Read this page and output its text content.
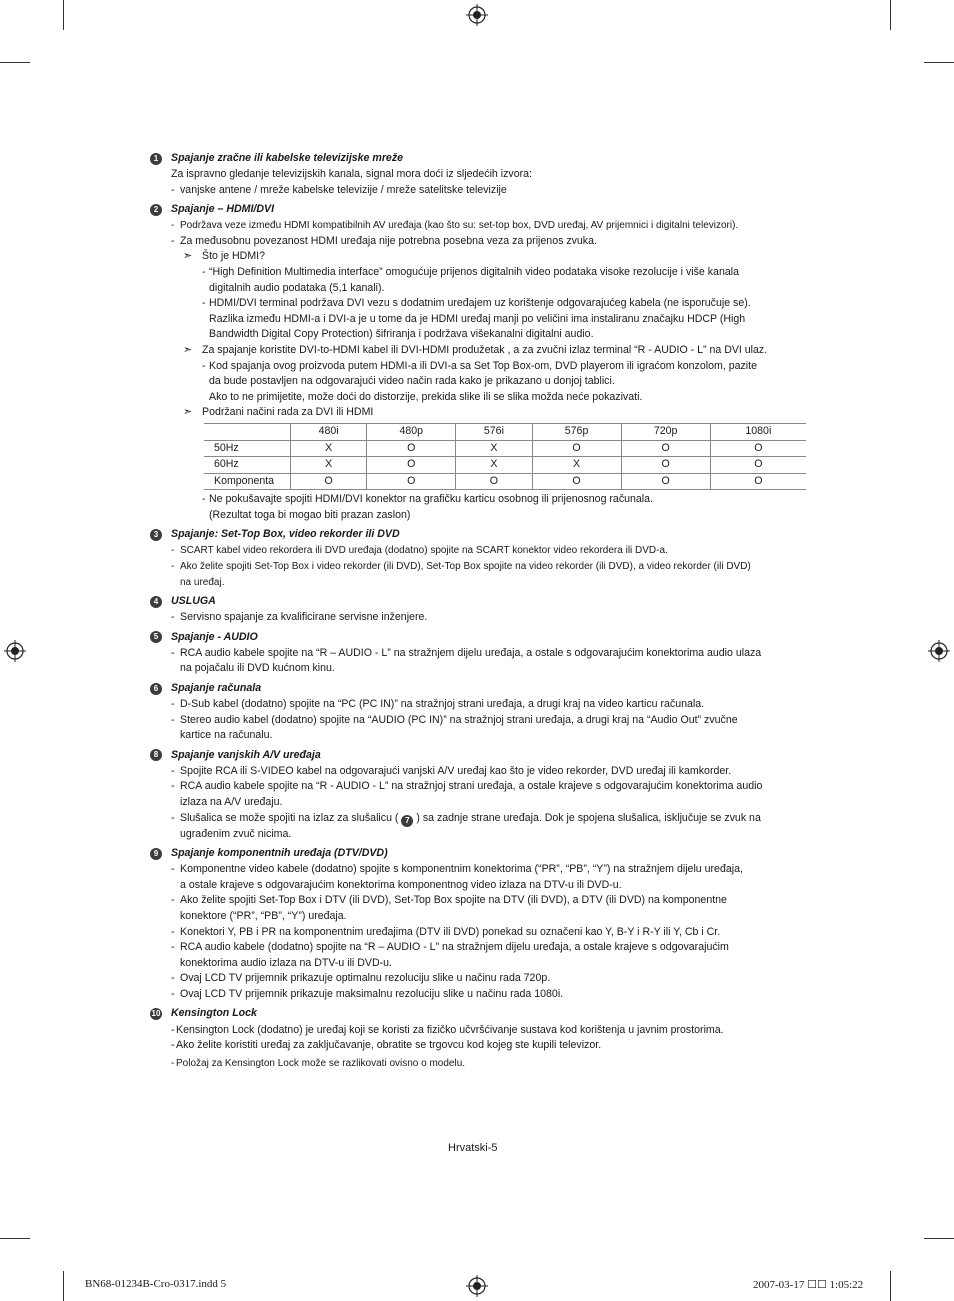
1	Spajanje zračne ili kabelske televizijske mreže
Za ispravno gledanje televizijskih kanala, signal mora doći iz sljedećih izvora:
- vanjske antene / mreže kabelske televizije / mreže satelitske televizije
2	Spajanje – HDMI/DVI
- Podržava veze između HDMI kompatibilnih AV uređaja (kao što su: set-top box, DVD uređaj, AV prijemnici i digitalni televizori).
- Za međusobnu povezanost HDMI uređaja nije potrebna posebna veza za prijenos zvuka.
➣ Što je HDMI?
- “High Definition Multimedia interface” omogućuje prijenos digitalnih video podataka visoke rezolucije i više kanala
digitalnih audio podataka (5,1 kanali).
- HDMI/DVI terminal podržava DVI vezu s dodatnim uređajem uz korištenje odgovarajućeg kabela (ne isporučuje se).
Razlika između HDMI-a i DVI-a je u tome da je HDMI uređaj manji po veličini ima instaliranu značajku HDCP (High
Bandwidth Digital Copy Protection) šifriranja i podržava višekanalni digitalni audio.
➣ Za spajanje koristite DVI-to-HDMI kabel ili DVI-HDMI produžetak , a za zvučni izlaz terminal “R - AUDIO - L” na DVI ulaz.
- Kod spajanja ovog proizvoda putem HDMI-a ili DVI-a sa Set Top Box-om, DVD playerom ili igraćom konzolom, pazite
da bude postavljen na odgovarajući video način rada kako je prikazano u donjoj tablici.
Ako to ne primijetite, može doći do distorzije, prekida slike ili se slika možda neće pokazivati.
➣ Podržani načini rada za DVI ili HDMI
	480i	480p	576i	576p	720p	1080i
50Hz	X	O	X	O	O	O
60Hz	X	O	X	X	O	O
Komponenta	O	O	O	O	O	O
- Ne pokušavajte spojiti HDMI/DVI konektor na grafičku karticu osobnog ili prijenosnog računala.
(Rezultat toga bi mogao biti prazan zaslon)
3	Spajanje: Set-Top Box, video rekorder ili DVD
- SCART kabel video rekordera ili DVD uređaja (dodatno) spojite na SCART konektor video rekordera ili DVD-a.
- Ako želite spojiti Set-Top Box i video rekorder (ili DVD), Set-Top Box spojite na video rekorder (ili DVD), a video rekorder (ili DVD)
na uređaj.
4	USLUGA
- Servisno spajanje za kvalificirane servisne inženjere.
5	Spajanje - AUDIO
- RCA audio kabele spojite na “R – AUDIO - L” na stražnjem dijelu uređaja, a ostale s odgovarajućim konektorima audio ulaza
na pojačalu ili DVD kućnom kinu.
6	Spajanje računala
- D-Sub kabel (dodatno) spojite na “PC (PC IN)” na stražnjoj strani uređaja, a drugi kraj na video karticu računala.
- Stereo audio kabel (dodatno) spojite na “AUDIO (PC IN)” na stražnjoj strani uređaja, a drugi kraj na “Audio Out” zvučne
kartice na računalu.
8	Spajanje vanjskih A/V uređaja
- Spojite RCA ili S-VIDEO kabel na odgovarajući vanjski A/V uređaj kao što je video rekorder, DVD uređaj ili kamkorder.
- RCA audio kabele spojite na “R - AUDIO - L” na stražnjoj strani uređaja, a ostale krajeve s odgovarajućim konektorima audio
izlaza na A/V uređaju.
- Slušalica se može spojiti na izlaz za slušalicu ( 7 ) sa zadnje strane uređaja. Dok je spojena slušalica, isključuje se zvuk na
ugrađenim zvuč nicima.
9	Spajanje komponentnih uređaja (DTV/DVD)
- Komponentne video kabele (dodatno) spojite s komponentnim konektorima (“PR”, “PB”, “Y”) na stražnjem dijelu uređaja,
a ostale krajeve s odgovarajućim konektorima komponentnog video izlaza na DTV-u ili DVD-u.
- Ako želite spojiti Set-Top Box i DTV (ili DVD), Set-Top Box spojite na DTV (ili DVD), a DTV (ili DVD) na komponentne
konektore (“PR”, “PB”, “Y”) uređaja.
- Konektori Y, PB i PR na komponentnim uređajima (DTV ili DVD) ponekad su označeni kao Y, B-Y i R-Y ili Y, Cb i Cr.
- RCA audio kabele (dodatno) spojite na “R – AUDIO - L” na stražnjem dijelu uređaja, a ostale krajeve s odgovarajućim
konektorima audio izlaza na DTV-u ili DVD-u.
- Ovaj LCD TV prijemnik prikazuje optimalnu rezoluciju slike u načinu rada 720p.
- Ovaj LCD TV prijemnik prikazuje maksimalnu rezoluciju slike u načinu rada 1080i.
10 Kensington Lock
- Kensington Lock (dodatno) je uređaj koji se koristi za fizičko učvršćivanje sustava kod korištenja u javnim prostorima.
- Ako želite koristiti uređaj za zaključavanje, obratite se trgovcu kod kojeg ste kupili televizor.
- Položaj za Kensington Lock može se razlikovati ovisno o modelu.
Hrvatski-5
BN68-01234B-Cro-0317.indd 5	2007-03-17 ☐☐ 1:05:22
